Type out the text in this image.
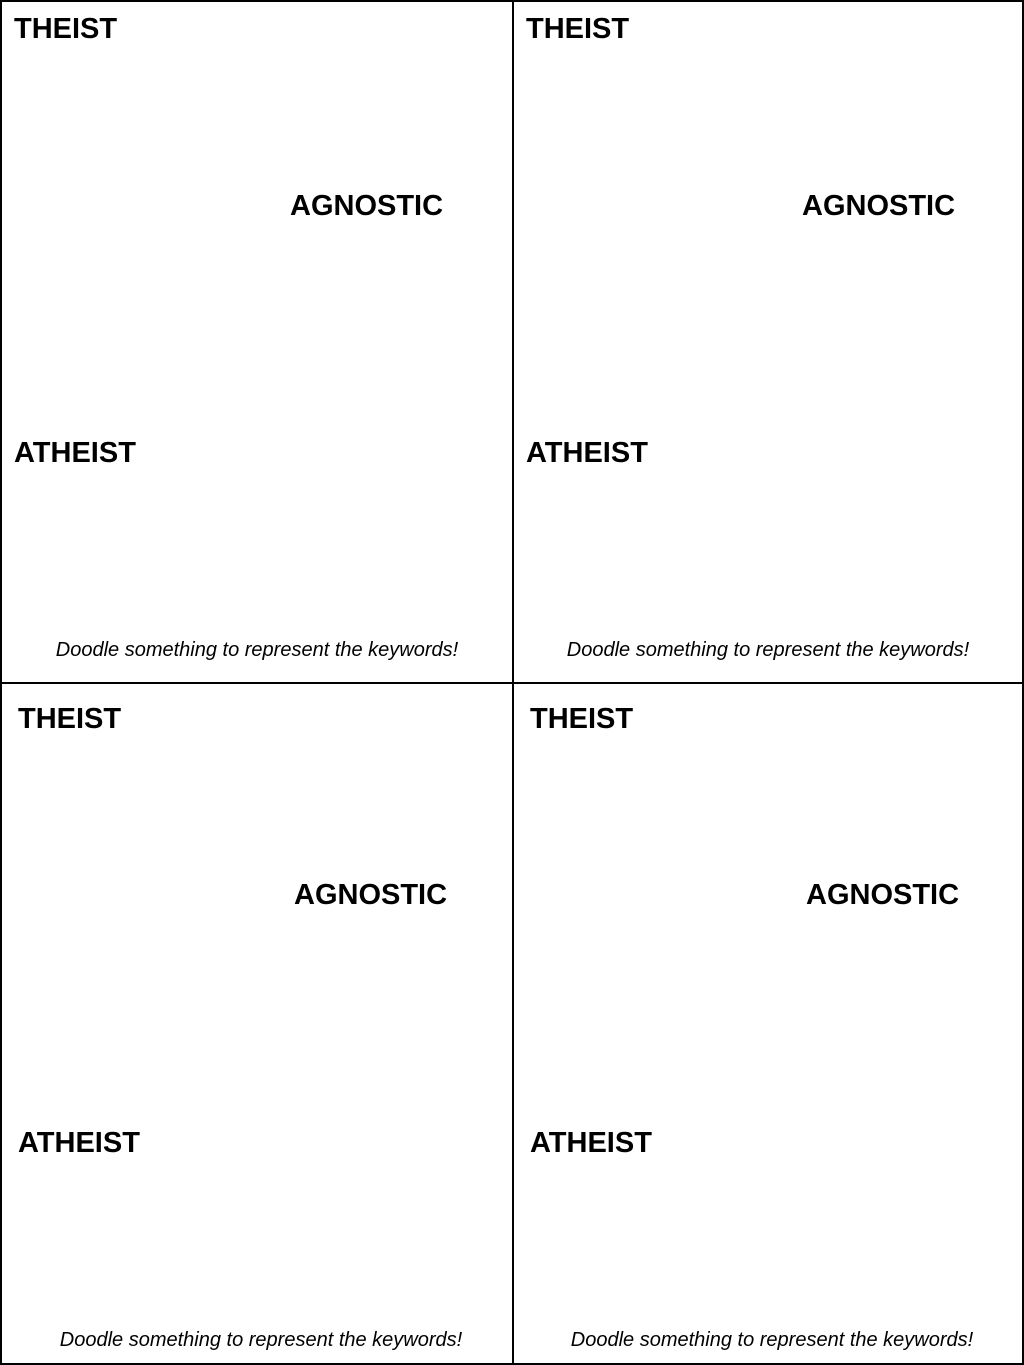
THEIST
AGNOSTIC
ATHEIST
Doodle something to represent the keywords!
THEIST
AGNOSTIC
ATHEIST
Doodle something to represent the keywords!
THEIST
AGNOSTIC
ATHEIST
Doodle something to represent the keywords!
THEIST
AGNOSTIC
ATHEIST
Doodle something to represent the keywords!
